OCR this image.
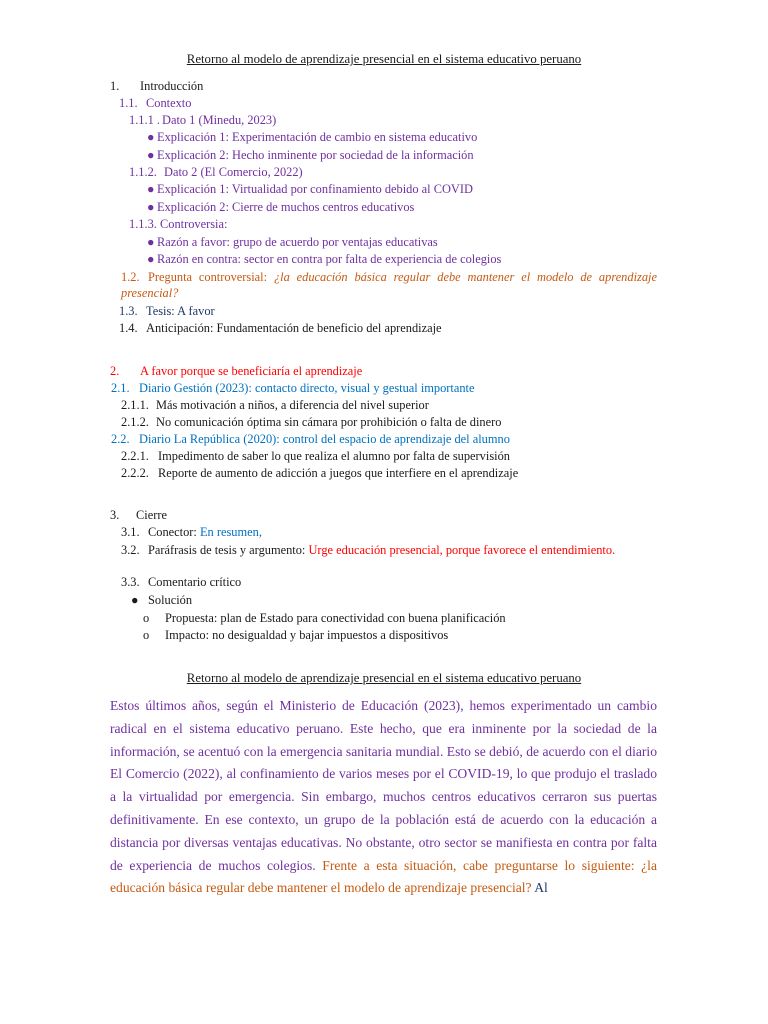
Retorno al modelo de aprendizaje presencial en el sistema educativo peruano
1. Introducción
1.1. Contexto
1.1.1 . Dato 1 (Minedu, 2023)
● Explicación 1: Experimentación de cambio en sistema educativo
● Explicación 2: Hecho inminente por sociedad de la información
1.1.2. Dato 2 (El Comercio, 2022)
● Explicación 1: Virtualidad por confinamiento debido al COVID
● Explicación 2: Cierre de muchos centros educativos
1.1.3. Controversia:
● Razón a favor: grupo de acuerdo por ventajas educativas
● Razón en contra: sector en contra por falta de experiencia de colegios
1.2. Pregunta controversial: ¿la educación básica regular debe mantener el modelo de aprendizaje presencial?
1.3. Tesis: A favor
1.4. Anticipación: Fundamentación de beneficio del aprendizaje
2. A favor porque se beneficiaría el aprendizaje
2.1. Diario Gestión (2023): contacto directo, visual y gestual importante
2.1.1. Más motivación a niños, a diferencia del nivel superior
2.1.2. No comunicación óptima sin cámara por prohibición o falta de dinero
2.2. Diario La República (2020): control del espacio de aprendizaje del alumno
2.2.1. Impedimento de saber lo que realiza el alumno por falta de supervisión
2.2.2. Reporte de aumento de adicción a juegos que interfiere en el aprendizaje
3. Cierre
3.1. Conector: En resumen,
3.2. Paráfrasis de tesis y argumento: Urge educación presencial, porque favorece el entendimiento.
3.3. Comentario crítico
● Solución
o Propuesta: plan de Estado para conectividad con buena planificación
o Impacto: no desigualdad y bajar impuestos a dispositivos
Retorno al modelo de aprendizaje presencial en el sistema educativo peruano
Estos últimos años, según el Ministerio de Educación (2023), hemos experimentado un cambio radical en el sistema educativo peruano. Este hecho, que era inminente por la sociedad de la información, se acentuó con la emergencia sanitaria mundial. Esto se debió, de acuerdo con el diario El Comercio (2022), al confinamiento de varios meses por el COVID-19, lo que produjo el traslado a la virtualidad por emergencia. Sin embargo, muchos centros educativos cerraron sus puertas definitivamente. En ese contexto, un grupo de la población está de acuerdo con la educación a distancia por diversas ventajas educativas. No obstante, otro sector se manifiesta en contra por falta de experiencia de muchos colegios. Frente a esta situación, cabe preguntarse lo siguiente: ¿la educación básica regular debe mantener el modelo de aprendizaje presencial? Al
